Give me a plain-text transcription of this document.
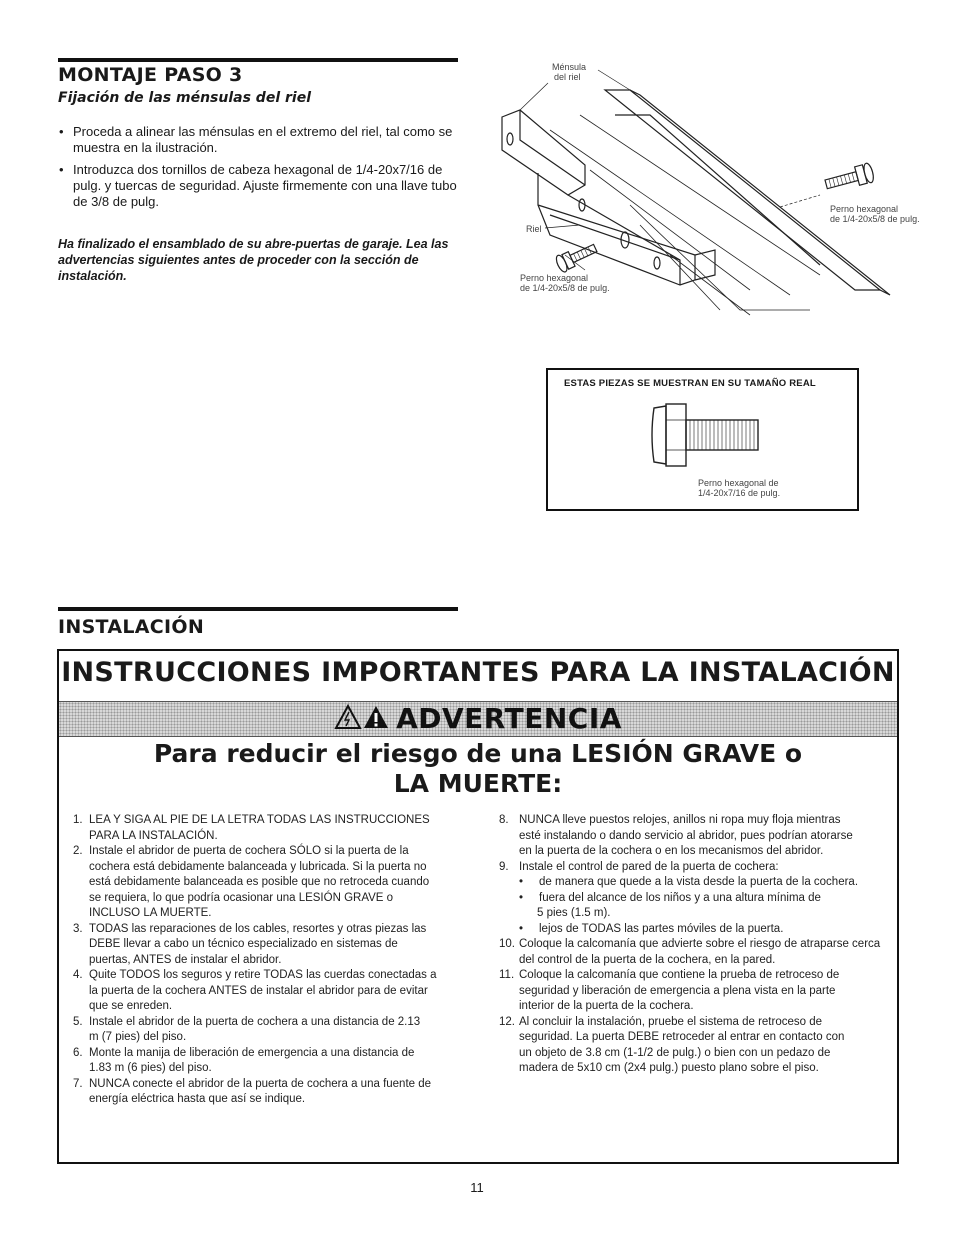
MONTAJE PASO 3
Fijación de las ménsulas del riel
• Proceda a alinear las ménsulas en el extremo del riel, tal como se muestra en la ilustración.
• Introduzca dos tornillos de cabeza hexagonal de 1/4-20x7/16 de pulg. y tuercas de seguridad. Ajuste firmemente con una llave tubo de 3/8 de pulg.
Ha finalizado el ensamblado de su abre-puertas de garaje. Lea las advertencias siguientes antes de proceder con la sección de instalación.
Ménsula
del riel
Riel
Perno hexagonal
de 1/4-20x5/8 de pulg.
Perno hexagonal
de 1/4-20x5/8 de pulg.
ESTAS PIEZAS SE MUESTRAN EN SU TAMAÑO REAL
Perno hexagonal de
1/4-20x7/16 de pulg.
INSTALACIÓN
INSTRUCCIONES IMPORTANTES PARA LA INSTALACIÓN
ADVERTENCIA
Para reducir el riesgo de una LESIÓN GRAVE o
LA MUERTE:
1. LEA Y SIGA AL PIE DE LA LETRA TODAS LAS INSTRUCCIONES
PARA LA INSTALACIÓN.
2. Instale el abridor de puerta de cochera SÓLO si la puerta de la
cochera está debidamente balanceada y lubricada. Si la puerta no
está debidamente balanceada es posible que no retroceda cuando
se requiera, lo que podría ocasionar una LESIÓN GRAVE o
INCLUSO LA MUERTE.
3. TODAS las reparaciones de los cables, resortes y otras piezas las
DEBE llevar a cabo un técnico especializado en sistemas de
puertas, ANTES de instalar el abridor.
4. Quite TODOS los seguros y retire TODAS las cuerdas conectadas a
la puerta de la cochera ANTES de instalar el abridor para de evitar
que se enreden.
5. Instale el abridor de la puerta de cochera a una distancia de 2.13
m (7 pies) del piso.
6. Monte la manija de liberación de emergencia a una distancia de
1.83 m (6 pies) del piso.
7. NUNCA conecte el abridor de la puerta de cochera a una fuente de
energía eléctrica hasta que así se indique.
8. NUNCA lleve puestos relojes, anillos ni ropa muy floja mientras
esté instalando o dando servicio al abridor, pues podrían atorarse
en la puerta de la cochera o en los mecanismos del abridor.
9. Instale el control de pared de la puerta de cochera:
• de manera que quede a la vista desde la puerta de la cochera.
• fuera del alcance de los niños y a una altura mínima de
5 pies (1.5 m).
• lejos de TODAS las partes móviles de la puerta.
10. Coloque la calcomanía que advierte sobre el riesgo de atraparse cerca
del control de la puerta de la cochera, en la pared.
11. Coloque la calcomanía que contiene la prueba de retroceso de
seguridad y liberación de emergencia a plena vista en la parte
interior de la puerta de la cochera.
12. Al concluir la instalación, pruebe el sistema de retroceso de
seguridad. La puerta DEBE retroceder al entrar en contacto con
un objeto de 3.8 cm (1-1/2 de pulg.) o bien con un pedazo de
madera de 5x10 cm (2x4 pulg.) puesto plano sobre el piso.
11
